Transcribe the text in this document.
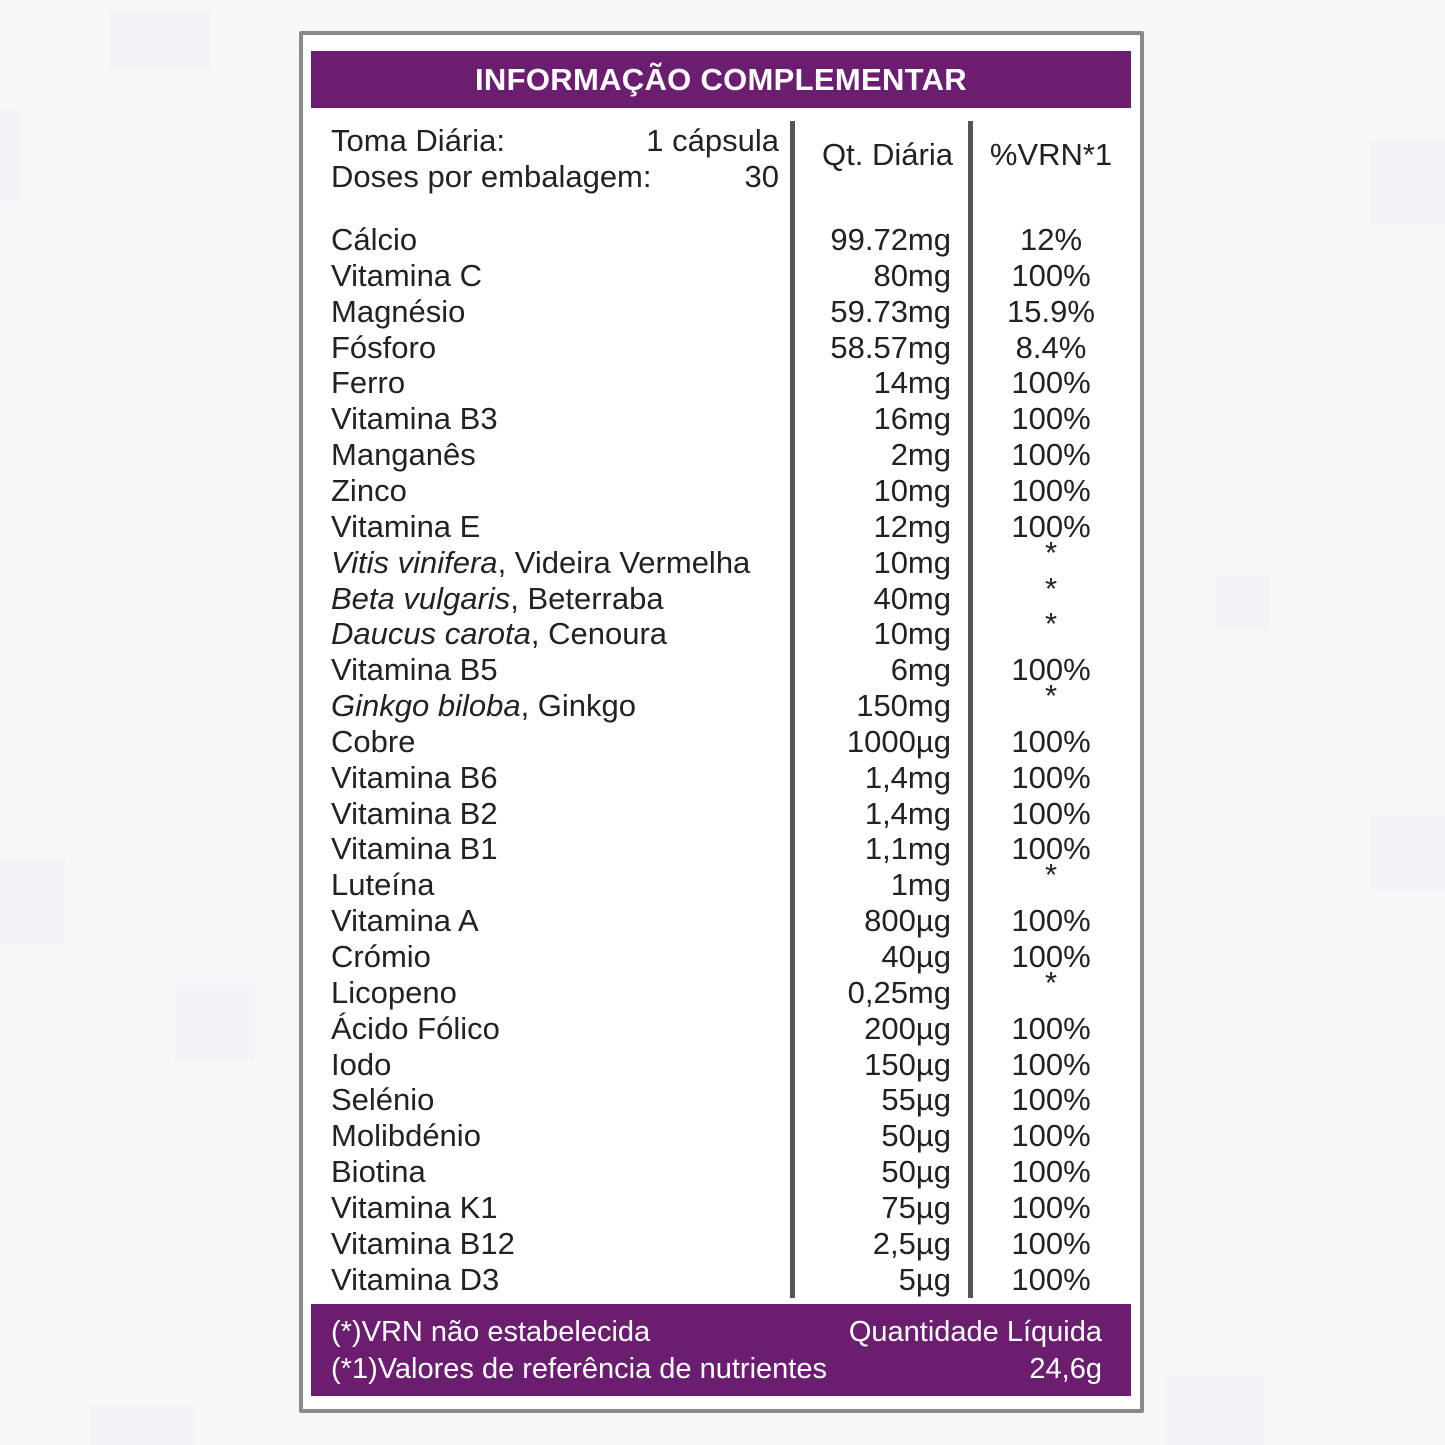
INFORMAÇÃO COMPLEMENTAR
Toma Diária:	1 cápsula
Doses por embalagem:	30
Qt. Diária	%VRN*1
Cálcio	99.72mg	12%
Vitamina C	80mg	100%
Magnésio	59.73mg	15.9%
Fósforo	58.57mg	8.4%
Ferro	14mg	100%
Vitamina B3	16mg	100%
Manganês	2mg	100%
Zinco	10mg	100%
Vitamina E	12mg	100%
Vitis vinifera, Videira Vermelha	10mg	*
Beta vulgaris, Beterraba	40mg	*
Daucus carota, Cenoura	10mg	*
Vitamina B5	6mg	100%
Ginkgo biloba, Ginkgo	150mg	*
Cobre	1000µg	100%
Vitamina B6	1,4mg	100%
Vitamina B2	1,4mg	100%
Vitamina B1	1,1mg	100%
Luteína	1mg	*
Vitamina A	800µg	100%
Crómio	40µg	100%
Licopeno	0,25mg	*
Ácido Fólico	200µg	100%
Iodo	150µg	100%
Selénio	55µg	100%
Molibdénio	50µg	100%
Biotina	50µg	100%
Vitamina K1	75µg	100%
Vitamina B12	2,5µg	100%
Vitamina D3	5µg	100%
(*)VRN não estabelecida
(*1)Valores de referência de nutrientes
Quantidade Líquida
24,6g
